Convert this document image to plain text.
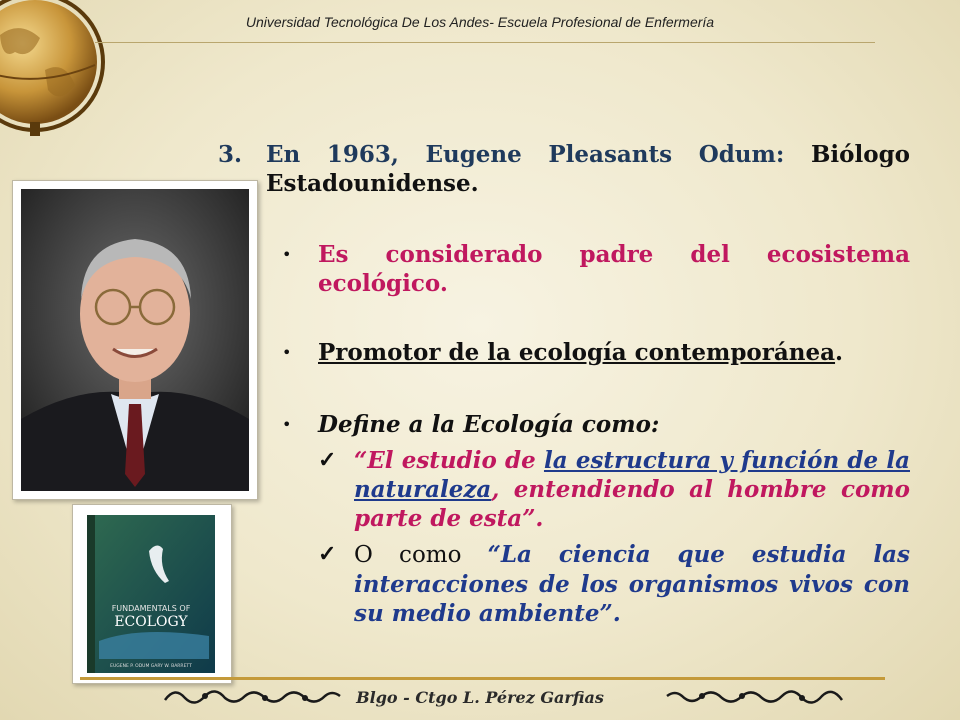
Universidad Tecnológica De Los Andes- Escuela Profesional de Enfermería
FUNDAMENTALS OF
ECOLOGY
EUGENE P. ODUM GARY W. BARRETT
3.	En 1963, Eugene Pleasants Odum: Biólogo Estadounidense.
•	Es considerado padre del ecosistema ecológico.
•	Promotor de la ecología contemporánea.
•	Define a la Ecología como:
✓ “El estudio de la estructura y función de la naturaleza, entendiendo al hombre como parte de esta”.
✓ O como “La ciencia que estudia las interacciones de los organismos vivos con su medio ambiente”.
Blgo - Ctgo L. Pérez Garfias
